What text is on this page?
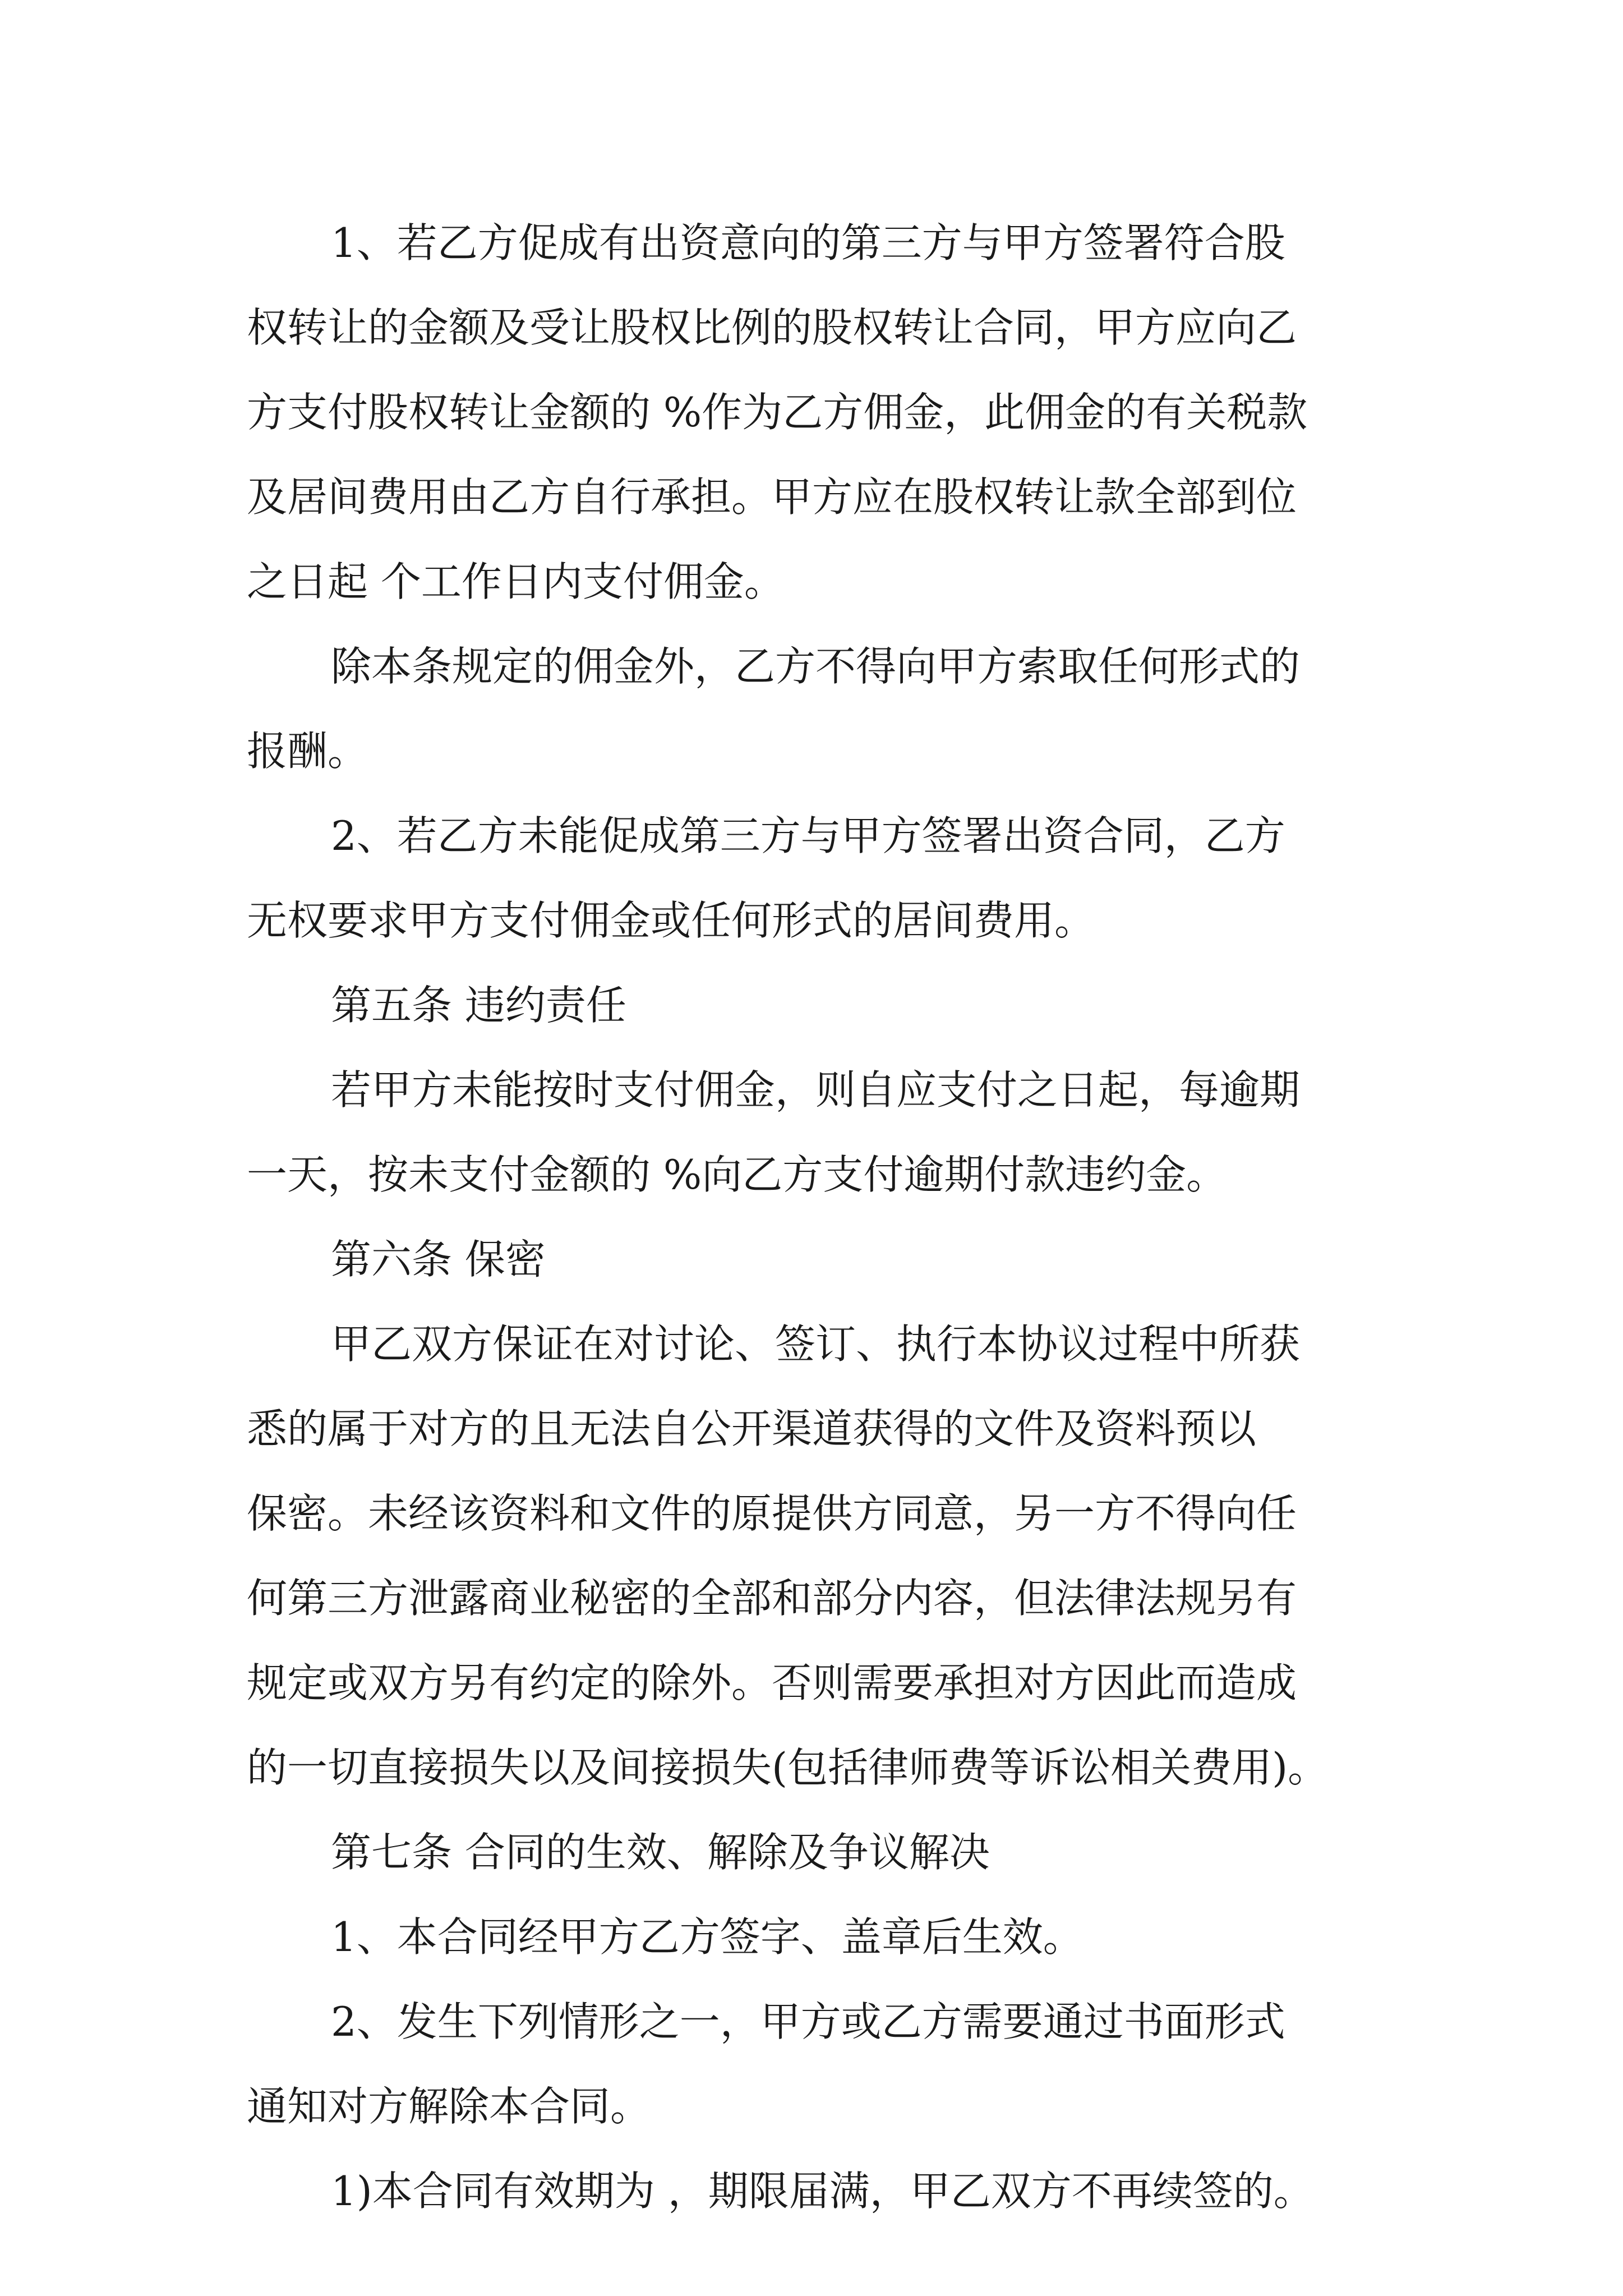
1、若乙方促成有出资意向的第三方与甲方签署符合股
权转让的金额及受让股权比例的股权转让合同，甲方应向乙
方支付股权转让金额的 %作为乙方佣金，此佣金的有关税款
及居间费用由乙方自行承担。甲方应在股权转让款全部到位
之日起 个工作日内支付佣金。
除本条规定的佣金外，乙方不得向甲方索取任何形式的
报酬。
2、若乙方未能促成第三方与甲方签署出资合同，乙方
无权要求甲方支付佣金或任何形式的居间费用。
第五条 违约责任
若甲方未能按时支付佣金，则自应支付之日起，每逾期
一天，按未支付金额的 %向乙方支付逾期付款违约金。
第六条 保密
甲乙双方保证在对讨论、签订、执行本协议过程中所获
悉的属于对方的且无法自公开渠道获得的文件及资料预以
保密。未经该资料和文件的原提供方同意，另一方不得向任
何第三方泄露商业秘密的全部和部分内容，但法律法规另有
规定或双方另有约定的除外。否则需要承担对方因此而造成
的一切直接损失以及间接损失(包括律师费等诉讼相关费用)。
第七条 合同的生效、解除及争议解决
1、本合同经甲方乙方签字、盖章后生效。
2、发生下列情形之一，甲方或乙方需要通过书面形式
通知对方解除本合同。
1)本合同有效期为 ，期限届满，甲乙双方不再续签的。
